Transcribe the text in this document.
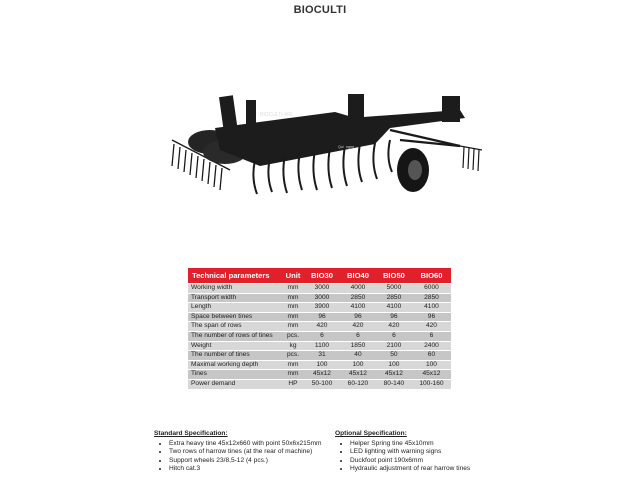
BIOCULTI
BIOCULTI 400
Quivogne
Technical parameters	Unit	BIO30	BIO40	BIO50	BIO60
Working width	mm	3000	4000	5000	6000
Transport width	mm	3000	2850	2850	2850
Length	mm	3900	4100	4100	4100
Space between tines	mm	96	96	96	96
The span of rows	mm	420	420	420	420
The number of rows of tines	pcs.	6	6	6	6
Weight	kg	1100	1850	2100	2400
The number of tines	pcs.	31	40	50	60
Maximal working depth	mm	100	100	100	100
Tines	mm	45x12	45x12	45x12	45x12
Power demand	HP	50-100	60-120	80-140	100-160
Standard Specification:
• Extra heavy tine 45x12x660 with point 50x6x215mm
• Two rows of harrow tines (at the rear of machine)
• Support wheels 23/8,5-12 (4 pcs.)
• Hitch cat.3
Optional Specification:
• Helper Spring tine 45x10mm
• LED lighting with warning signs
• Duckfoot point 190x6mm
• Hydraulic adjustment of rear harrow tines
